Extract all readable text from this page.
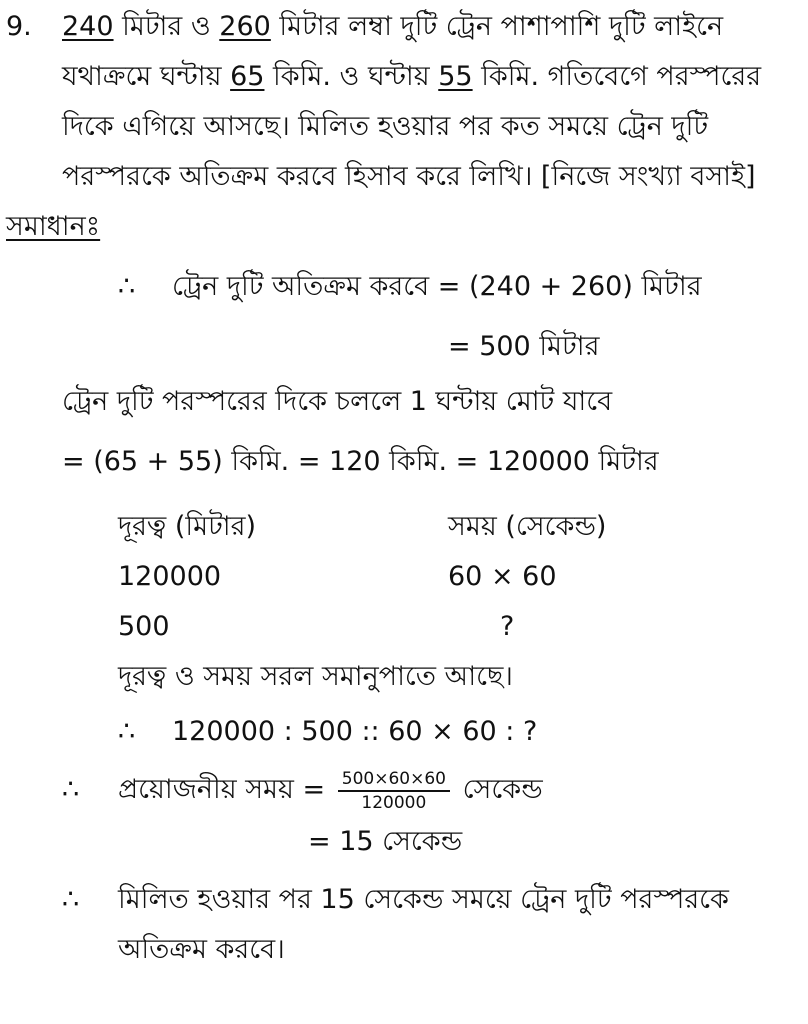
9. 240 মিটার ও 260 মিটার লম্বা দুটি ট্রেন পাশাপাশি দুটি লাইনে
যথাক্রমে ঘন্টায় 65 কিমি. ও ঘন্টায় 55 কিমি. গতিবেগে পরস্পরের
দিকে এগিয়ে আসছে। মিলিত হওয়ার পর কত সময়ে ট্রেন দুটি
পরস্পরকে অতিক্রম করবে হিসাব করে লিখি। [নিজে সংখ্যা বসাই]
সমাধানঃ
∴ ট্রেন দুটি অতিক্রম করবে = (240 + 260) মিটার
= 500 মিটার
ট্রেন দুটি পরস্পরের দিকে চললে 1 ঘন্টায় মোট যাবে
= (65 + 55) কিমি. = 120 কিমি. = 120000 মিটার
দূরত্ব (মিটার)	সময় (সেকেন্ড)
120000	60 × 60
500	?
দূরত্ব ও সময় সরল সমানুপাতে আছে।
∴ 120000 : 500 :: 60 × 60 : ?
∴ প্রয়োজনীয় সময় = $\frac{500\times 60\times 60}{120000}$ সেকেন্ড
= 15 সেকেন্ড
∴ মিলিত হওয়ার পর 15 সেকেন্ড সময়ে ট্রেন দুটি পরস্পরকে
অতিক্রম করবে।
